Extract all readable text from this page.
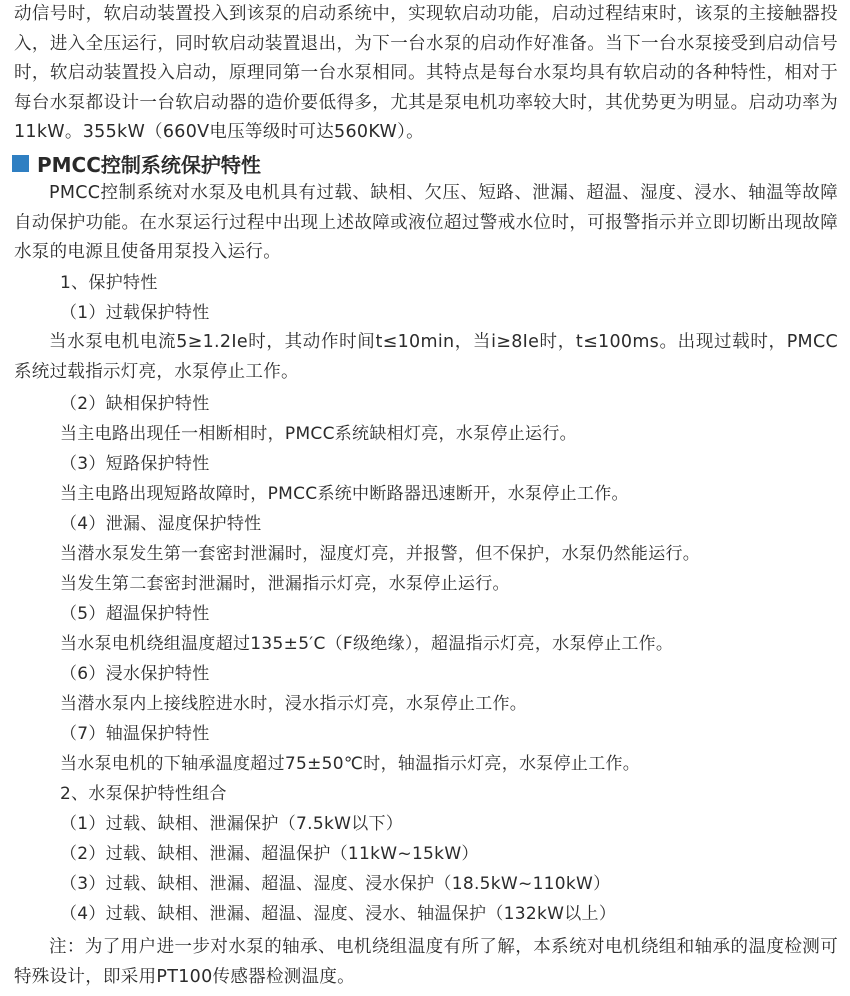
动信号时，软启动装置投入到该泵的启动系统中，实现软启动功能，启动过程结束时，该泵的主接触器投入，进入全压运行，同时软启动装置退出，为下一台水泵的启动作好准备。当下一台水泵接受到启动信号时，软启动装置投入启动，原理同第一台水泵相同。其特点是每台水泵均具有软启动的各种特性，相对于每台水泵都设计一台软启动器的造价要低得多，尤其是泵电机功率较大时，其优势更为明显。启动功率为11kW。355kW（660V电压等级时可达560KW）。
PMCC控制系统保护特性
PMCC控制系统对水泵及电机具有过载、缺相、欠压、短路、泄漏、超温、湿度、浸水、轴温等故障自动保护功能。在水泵运行过程中出现上述故障或液位超过警戒水位时，可报警指示并立即切断出现故障水泵的电源且使备用泵投入运行。
1、保护特性
（1）过载保护特性
当水泵电机电流5≥1.2Ie时，其动作时间t≤10min，当i≥8Ie时，t≤100ms。出现过载时，PMCC系统过载指示灯亮，水泵停止工作。
（2）缺相保护特性
当主电路出现任一相断相时，PMCC系统缺相灯亮，水泵停止运行。
（3）短路保护特性
当主电路出现短路故障时，PMCC系统中断路器迅速断开，水泵停止工作。
（4）泄漏、湿度保护特性
当潜水泵发生第一套密封泄漏时，湿度灯亮，并报警，但不保护，水泵仍然能运行。
当发生第二套密封泄漏时，泄漏指示灯亮，水泵停止运行。
（5）超温保护特性
当水泵电机绕组温度超过135±5′C（F级绝缘），超温指示灯亮，水泵停止工作。
（6）浸水保护特性
当潜水泵内上接线腔进水时，浸水指示灯亮，水泵停止工作。
（7）轴温保护特性
当水泵电机的下轴承温度超过75±50℃时，轴温指示灯亮，水泵停止工作。
2、水泵保护特性组合
（1）过载、缺相、泄漏保护（7.5kW以下）
（2）过载、缺相、泄漏、超温保护（11kW~15kW）
（3）过载、缺相、泄漏、超温、湿度、浸水保护（18.5kW~110kW）
（4）过载、缺相、泄漏、超温、湿度、浸水、轴温保护（132kW以上）
注：为了用户进一步对水泵的轴承、电机绕组温度有所了解，本系统对电机绕组和轴承的温度检测可特殊设计，即采用PT100传感器检测温度。
